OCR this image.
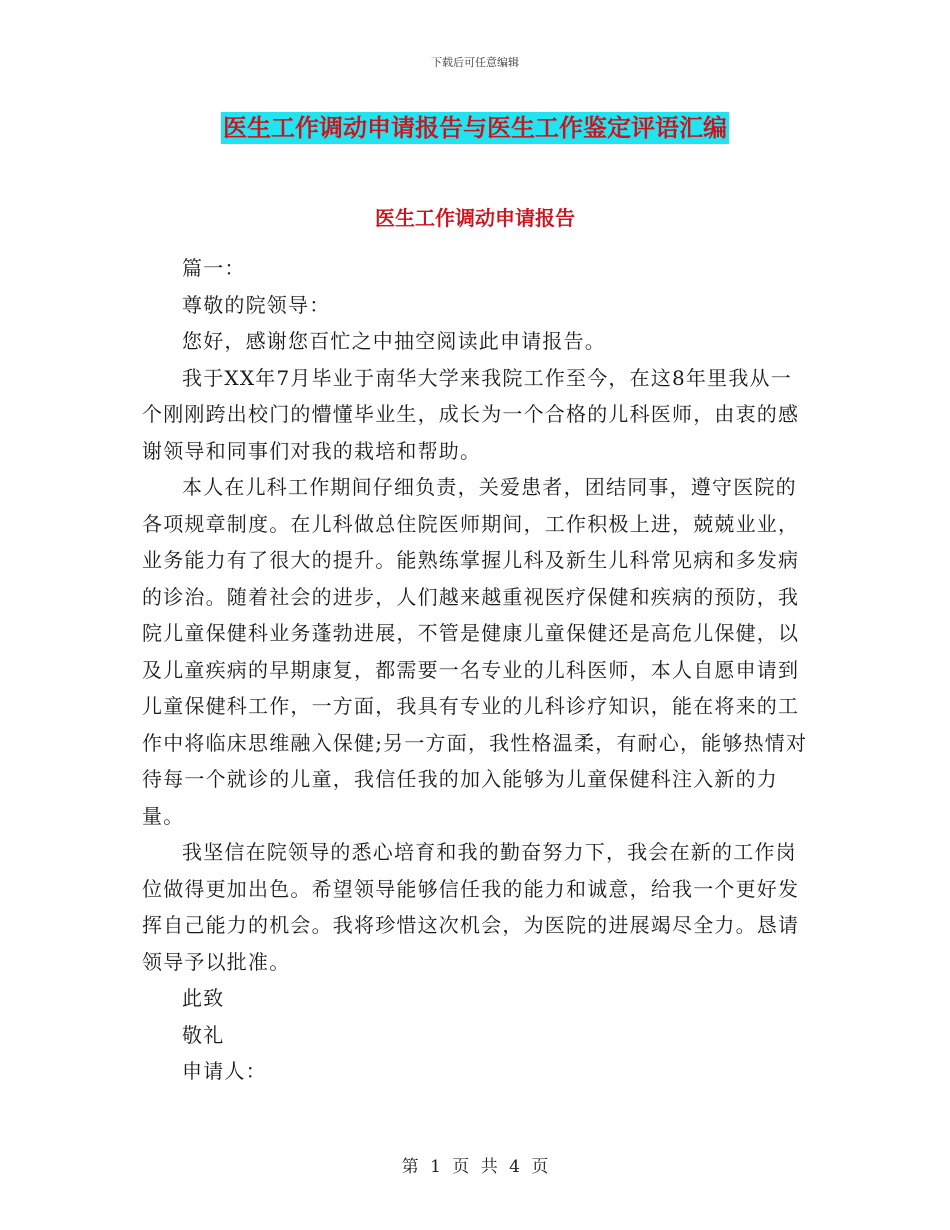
下载后可任意编辑
医生工作调动申请报告与医生工作鉴定评语汇编
医生工作调动申请报告

篇一：

尊敬的院领导：

您好，感谢您百忙之中抽空阅读此申请报告。

我于XX年7月毕业于南华大学来我院工作至今，在这8年里我从一个刚刚跨出校门的懵懂毕业生，成长为一个合格的儿科医师，由衷的感谢领导和同事们对我的栽培和帮助。

本人在儿科工作期间仔细负责，关爱患者，团结同事，遵守医院的各项规章制度。在儿科做总住院医师期间，工作积极上进，兢兢业业，业务能力有了很大的提升。能熟练掌握儿科及新生儿科常见病和多发病的诊治。随着社会的进步，人们越来越重视医疗保健和疾病的预防，我院儿童保健科业务蓬勃进展，不管是健康儿童保健还是高危儿保健，以及儿童疾病的早期康复，都需要一名专业的儿科医师，本人自愿申请到儿童保健科工作，一方面，我具有专业的儿科诊疗知识，能在将来的工作中将临床思维融入保健;另一方面，我性格温柔，有耐心，能够热情对待每一个就诊的儿童，我信任我的加入能够为儿童保健科注入新的力量。

我坚信在院领导的悉心培育和我的勤奋努力下，我会在新的工作岗位做得更加出色。希望领导能够信任我的能力和诚意，给我一个更好发挥自己能力的机会。我将珍惜这次机会，为医院的进展竭尽全力。恳请领导予以批准。

此致

敬礼

申请人：

第 1 页 共 4 页
